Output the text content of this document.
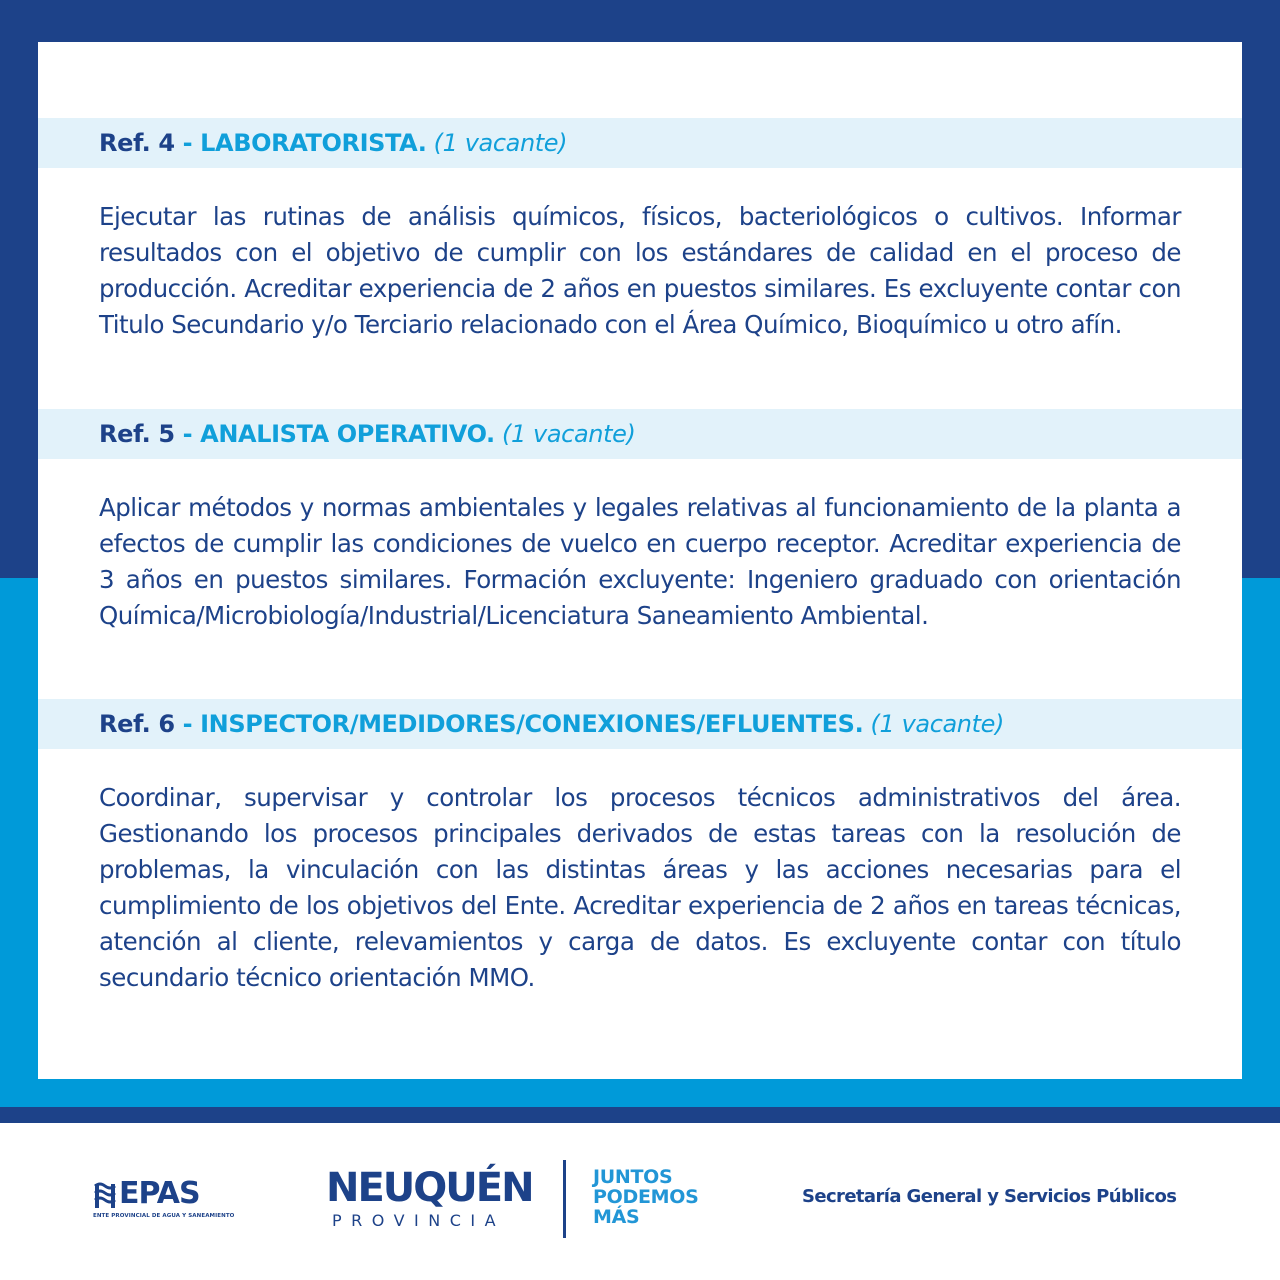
Ref. 4 - LABORATORISTA. (1 vacante)
Ejecutar las rutinas de análisis químicos, físicos, bacteriológicos o cultivos. Informar resultados con el objetivo de cumplir con los estándares de calidad en el proceso de producción. Acreditar experiencia de 2 años en puestos similares. Es excluyente contar con Titulo Secundario y/o Terciario relacionado con el Área Químico, Bioquímico u otro afín.
Ref. 5 - ANALISTA OPERATIVO. (1 vacante)
Aplicar métodos y normas ambientales y legales relativas al funcionamiento de la planta a efectos de cumplir las condiciones de vuelco en cuerpo receptor. Acreditar experiencia de 3 años en puestos similares. Formación excluyente: Ingeniero graduado con orientación Química/Microbiología/Industrial/Licenciatura Saneamiento Ambiental.
Ref. 6 - INSPECTOR/MEDIDORES/CONEXIONES/EFLUENTES. (1 vacante)
Coordinar, supervisar y controlar los procesos técnicos administrativos del área. Gestionando los procesos principales derivados de estas tareas con la resolución de problemas, la vinculación con las distintas áreas y las acciones necesarias para el cumplimiento de los objetivos del Ente. Acreditar experiencia de 2 años en tareas técnicas, atención al cliente, relevamientos y carga de datos. Es excluyente contar con título secundario técnico orientación MMO.
EPAS
ENTE PROVINCIAL DE AGUA Y SANEAMIENTO
NEUQUÉN
PROVINCIA
JUNTOS
PODEMOS
MÁS
Secretaría General y Servicios Públicos
